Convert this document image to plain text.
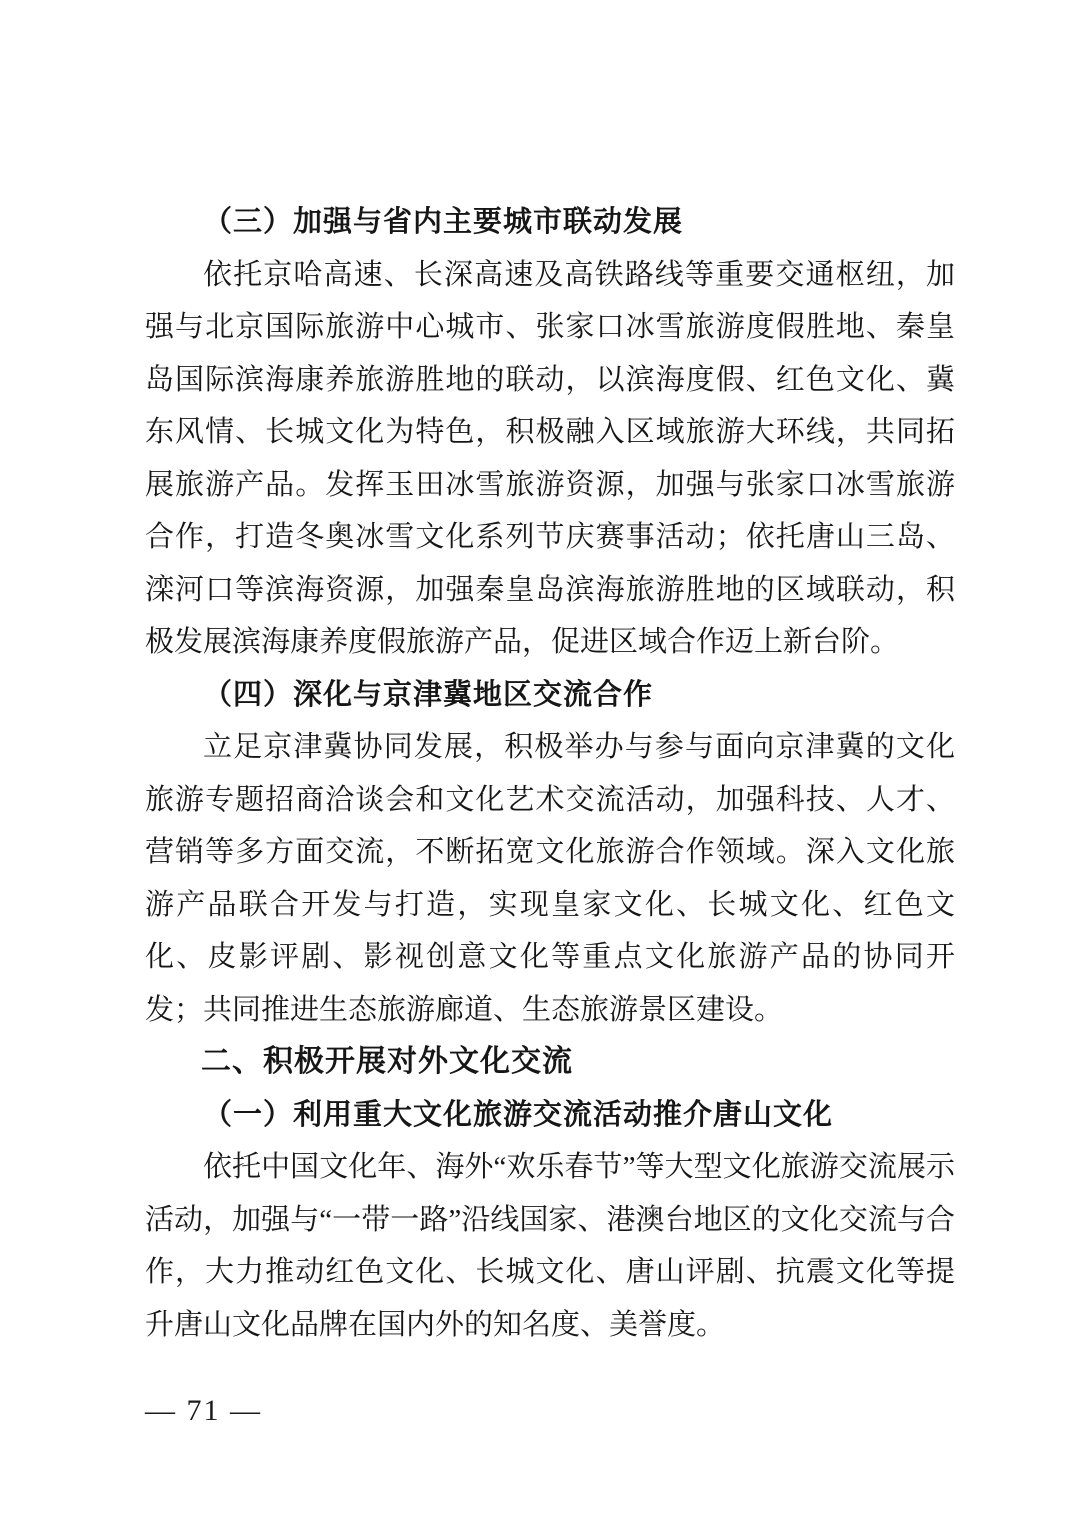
（三）加强与省内主要城市联动发展

依托京哈高速、长深高速及高铁路线等重要交通枢纽，加强与北京国际旅游中心城市、张家口冰雪旅游度假胜地、秦皇岛国际滨海康养旅游胜地的联动，以滨海度假、红色文化、冀东风情、长城文化为特色，积极融入区域旅游大环线，共同拓展旅游产品。发挥玉田冰雪旅游资源，加强与张家口冰雪旅游合作，打造冬奥冰雪文化系列节庆赛事活动；依托唐山三岛、滦河口等滨海资源，加强秦皇岛滨海旅游胜地的区域联动，积极发展滨海康养度假旅游产品，促进区域合作迈上新台阶。

（四）深化与京津冀地区交流合作

立足京津冀协同发展，积极举办与参与面向京津冀的文化旅游专题招商洽谈会和文化艺术交流活动，加强科技、人才、营销等多方面交流，不断拓宽文化旅游合作领域。深入文化旅游产品联合开发与打造，实现皇家文化、长城文化、红色文化、皮影评剧、影视创意文化等重点文化旅游产品的协同开发；共同推进生态旅游廊道、生态旅游景区建设。

二、积极开展对外文化交流
（一）利用重大文化旅游交流活动推介唐山文化

依托中国文化年、海外“欢乐春节”等大型文化旅游交流展示活动，加强与“一带一路”沿线国家、港澳台地区的文化交流与合作，大力推动红色文化、长城文化、唐山评剧、抗震文化等提升唐山文化品牌在国内外的知名度、美誉度。

— 71 —
